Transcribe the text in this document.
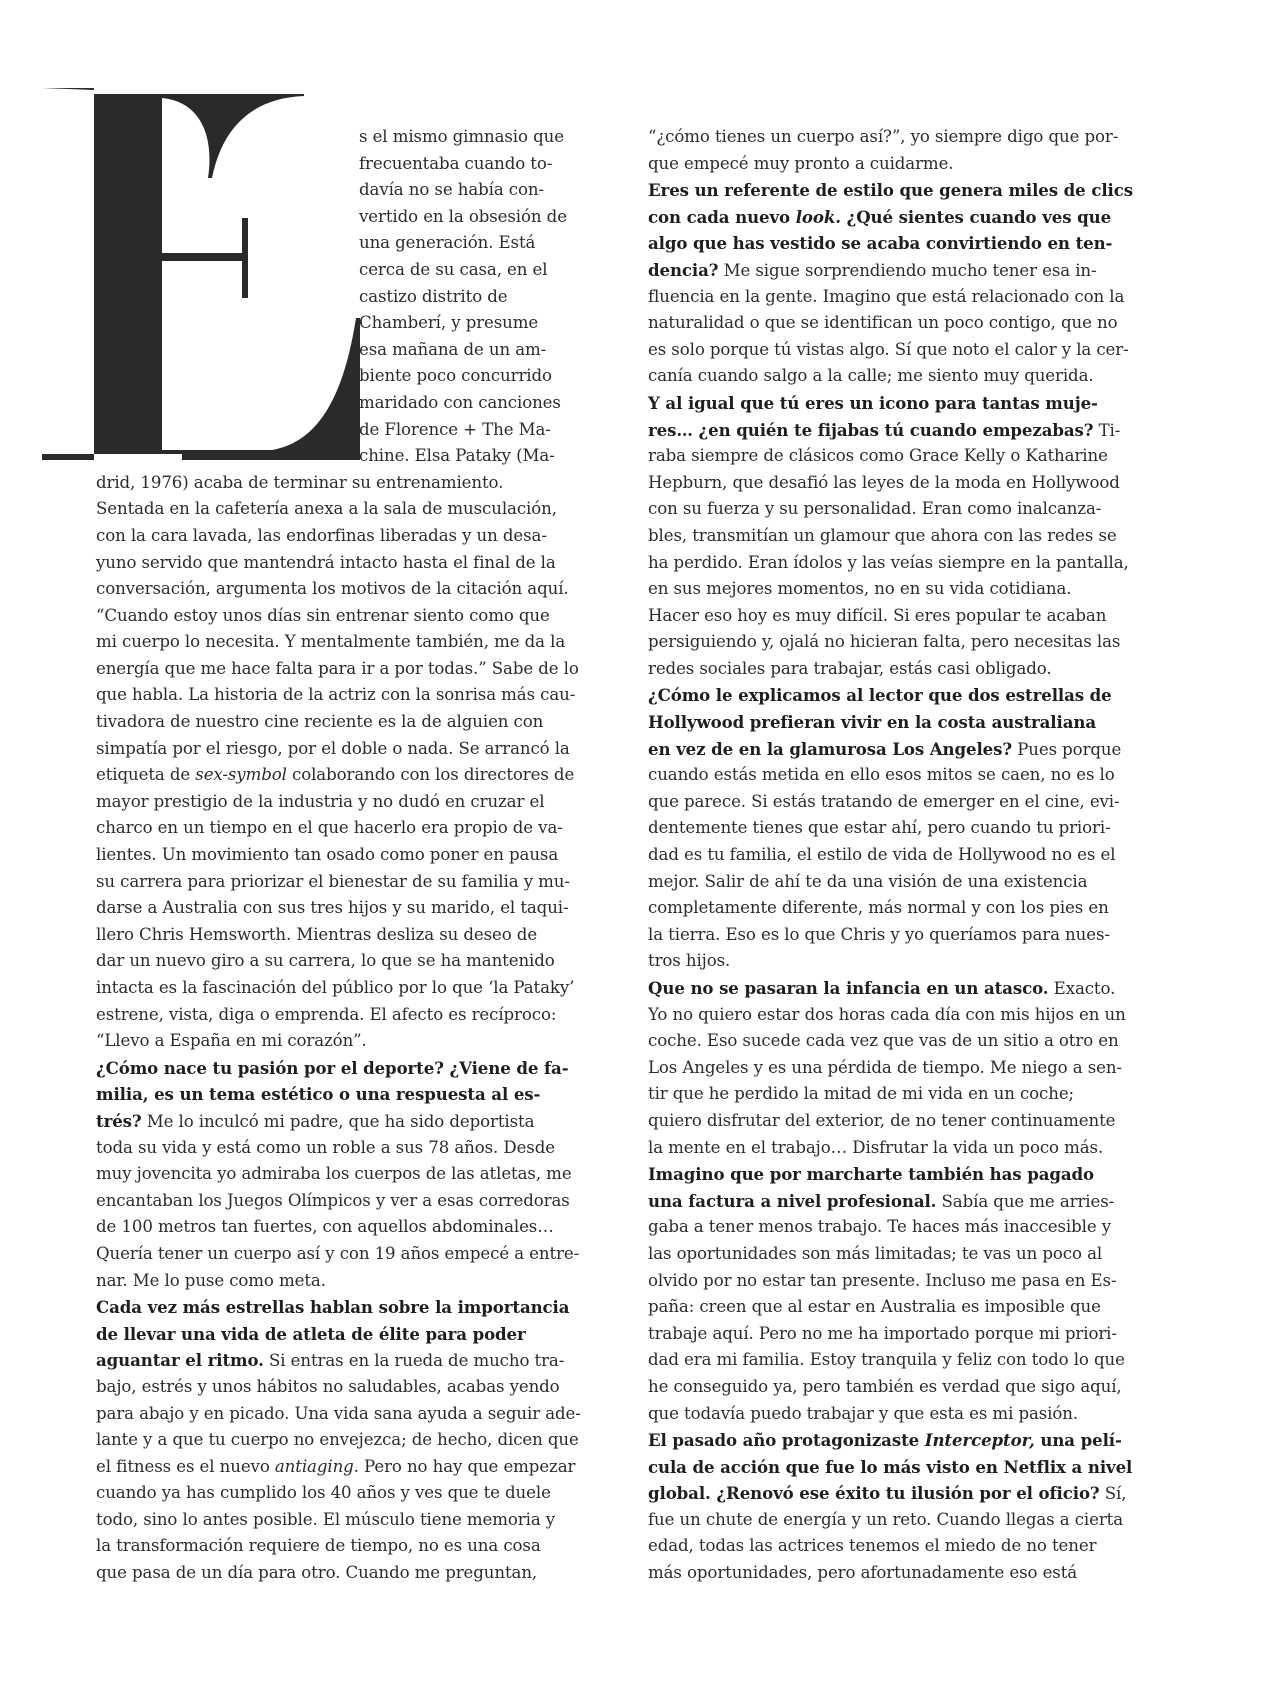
s el mismo gimnasio que
frecuentaba cuando to-
davía no se había con-
vertido en la obsesión de
una generación. Está
cerca de su casa, en el
castizo distrito de
Chamberí, y presume
esa mañana de un am-
biente poco concurrido
maridado con canciones
de Florence + The Ma-
chine. Elsa Pataky (Ma-
drid, 1976) acaba de terminar su entrenamiento.
Sentada en la cafetería anexa a la sala de musculación,
con la cara lavada, las endorfinas liberadas y un desa-
yuno servido que mantendrá intacto hasta el final de la
conversación, argumenta los motivos de la citación aquí.
“Cuando estoy unos días sin entrenar siento como que
mi cuerpo lo necesita. Y mentalmente también, me da la
energía que me hace falta para ir a por todas.” Sabe de lo
que habla. La historia de la actriz con la sonrisa más cau-
tivadora de nuestro cine reciente es la de alguien con
simpatía por el riesgo, por el doble o nada. Se arrancó la
etiqueta de sex-symbol colaborando con los directores de
mayor prestigio de la industria y no dudó en cruzar el
charco en un tiempo en el que hacerlo era propio de va-
lientes. Un movimiento tan osado como poner en pausa
su carrera para priorizar el bienestar de su familia y mu-
darse a Australia con sus tres hijos y su marido, el taqui-
llero Chris Hemsworth. Mientras desliza su deseo de
dar un nuevo giro a su carrera, lo que se ha mantenido
intacta es la fascinación del público por lo que ‘la Pataky’
estrene, vista, diga o emprenda. El afecto es recíproco:
“Llevo a España en mi corazón”.
¿Cómo nace tu pasión por el deporte? ¿Viene de fa-
milia, es un tema estético o una respuesta al es-
trés? Me lo inculcó mi padre, que ha sido deportista
toda su vida y está como un roble a sus 78 años. Desde
muy jovencita yo admiraba los cuerpos de las atletas, me
encantaban los Juegos Olímpicos y ver a esas corredoras
de 100 metros tan fuertes, con aquellos abdominales…
Quería tener un cuerpo así y con 19 años empecé a entre-
nar. Me lo puse como meta.
Cada vez más estrellas hablan sobre la importancia
de llevar una vida de atleta de élite para poder
aguantar el ritmo. Si entras en la rueda de mucho tra-
bajo, estrés y unos hábitos no saludables, acabas yendo
para abajo y en picado. Una vida sana ayuda a seguir ade-
lante y a que tu cuerpo no envejezca; de hecho, dicen que
el fitness es el nuevo antiaging. Pero no hay que empezar
cuando ya has cumplido los 40 años y ves que te duele
todo, sino lo antes posible. El músculo tiene memoria y
la transformación requiere de tiempo, no es una cosa
que pasa de un día para otro. Cuando me preguntan,
“¿cómo tienes un cuerpo así?”, yo siempre digo que por-
que empecé muy pronto a cuidarme.
Eres un referente de estilo que genera miles de clics
con cada nuevo look. ¿Qué sientes cuando ves que
algo que has vestido se acaba convirtiendo en ten-
dencia? Me sigue sorprendiendo mucho tener esa in-
fluencia en la gente. Imagino que está relacionado con la
naturalidad o que se identifican un poco contigo, que no
es solo porque tú vistas algo. Sí que noto el calor y la cer-
canía cuando salgo a la calle; me siento muy querida.
Y al igual que tú eres un icono para tantas muje-
res… ¿en quién te fijabas tú cuando empezabas? Ti-
raba siempre de clásicos como Grace Kelly o Katharine
Hepburn, que desafió las leyes de la moda en Hollywood
con su fuerza y su personalidad. Eran como inalcanza-
bles, transmitían un glamour que ahora con las redes se
ha perdido. Eran ídolos y las veías siempre en la pantalla,
en sus mejores momentos, no en su vida cotidiana.
Hacer eso hoy es muy difícil. Si eres popular te acaban
persiguiendo y, ojalá no hicieran falta, pero necesitas las
redes sociales para trabajar, estás casi obligado.
¿Cómo le explicamos al lector que dos estrellas de
Hollywood prefieran vivir en la costa australiana
en vez de en la glamurosa Los Angeles? Pues porque
cuando estás metida en ello esos mitos se caen, no es lo
que parece. Si estás tratando de emerger en el cine, evi-
dentemente tienes que estar ahí, pero cuando tu priori-
dad es tu familia, el estilo de vida de Hollywood no es el
mejor. Salir de ahí te da una visión de una existencia
completamente diferente, más normal y con los pies en
la tierra. Eso es lo que Chris y yo queríamos para nues-
tros hijos.
Que no se pasaran la infancia en un atasco. Exacto.
Yo no quiero estar dos horas cada día con mis hijos en un
coche. Eso sucede cada vez que vas de un sitio a otro en
Los Angeles y es una pérdida de tiempo. Me niego a sen-
tir que he perdido la mitad de mi vida en un coche;
quiero disfrutar del exterior, de no tener continuamente
la mente en el trabajo… Disfrutar la vida un poco más.
Imagino que por marcharte también has pagado
una factura a nivel profesional. Sabía que me arries-
gaba a tener menos trabajo. Te haces más inaccesible y
las oportunidades son más limitadas; te vas un poco al
olvido por no estar tan presente. Incluso me pasa en Es-
paña: creen que al estar en Australia es imposible que
trabaje aquí. Pero no me ha importado porque mi priori-
dad era mi familia. Estoy tranquila y feliz con todo lo que
he conseguido ya, pero también es verdad que sigo aquí,
que todavía puedo trabajar y que esta es mi pasión.
El pasado año protagonizaste Interceptor, una pelí-
cula de acción que fue lo más visto en Netflix a nivel
global. ¿Renovó ese éxito tu ilusión por el oficio? Sí,
fue un chute de energía y un reto. Cuando llegas a cierta
edad, todas las actrices tenemos el miedo de no tener
más oportunidades, pero afortunadamente eso está
